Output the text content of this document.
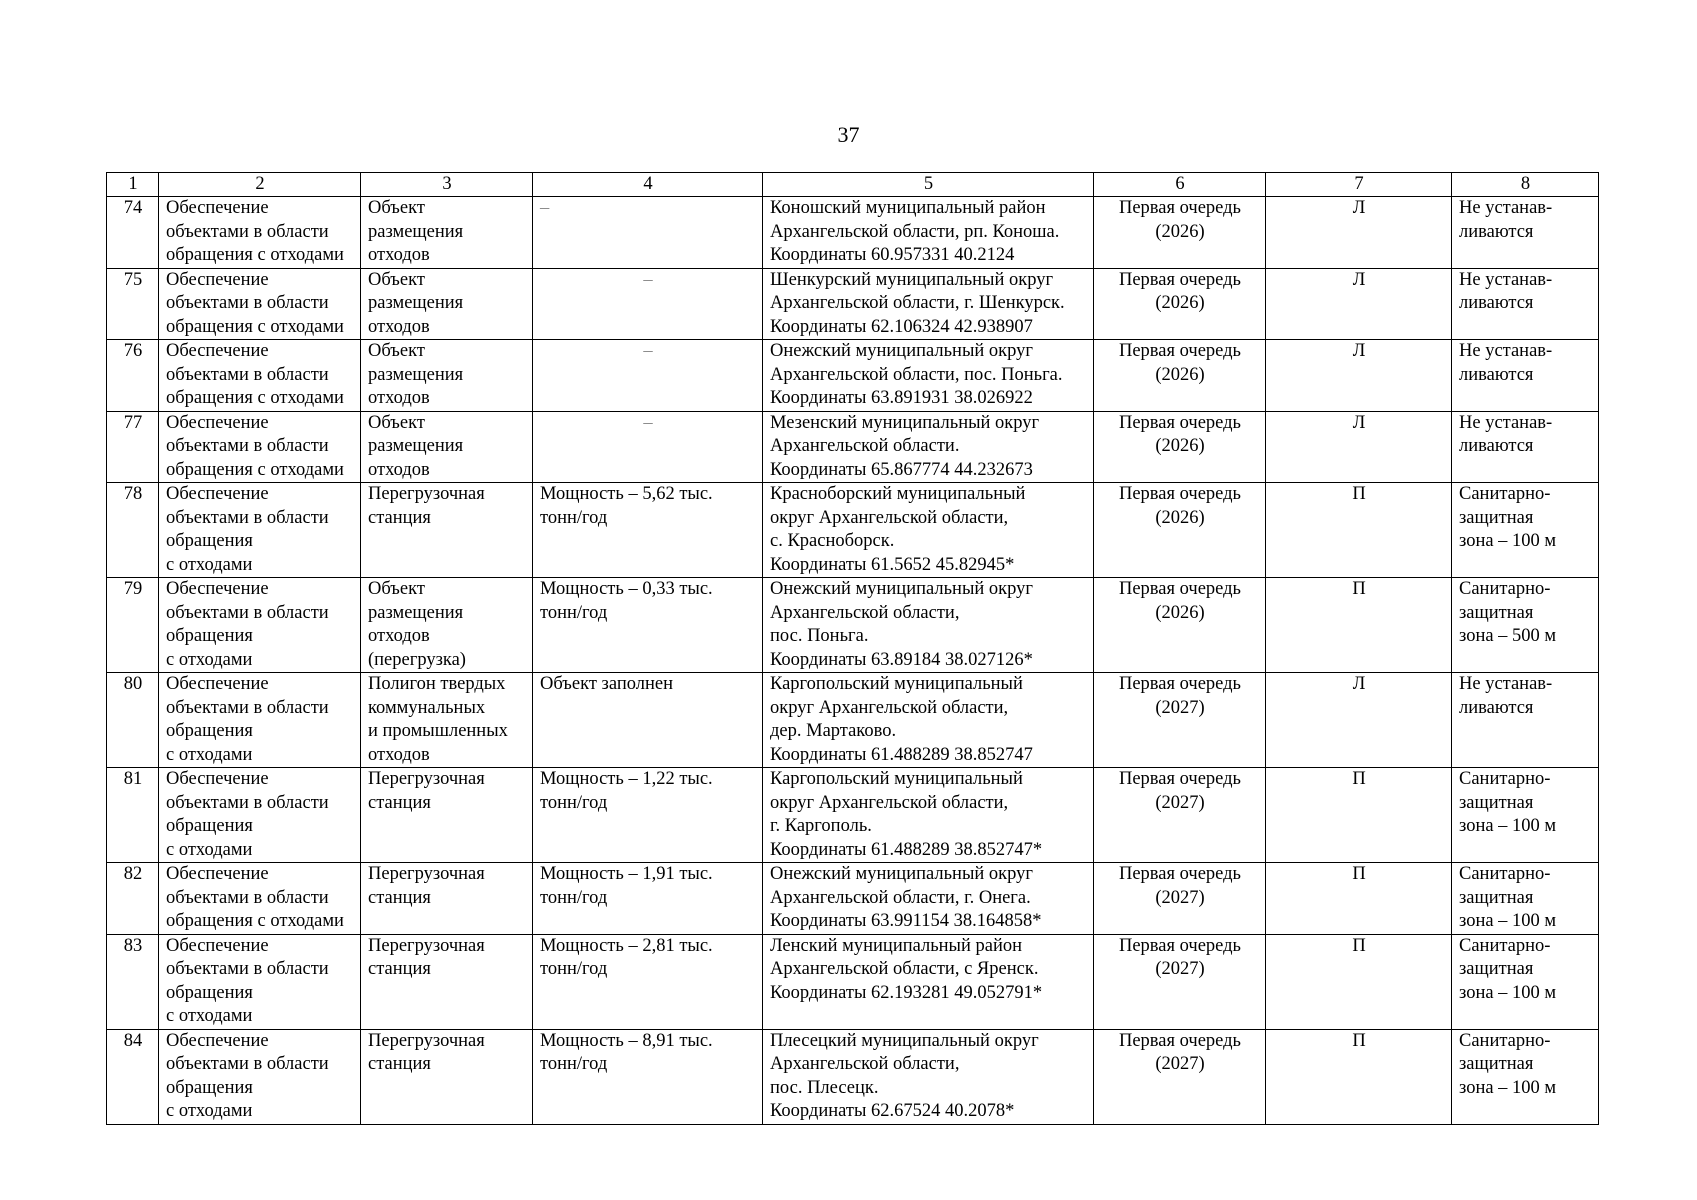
37
1	2	3	4	5	6	7	8
74	Обеспечение
объектами в области
обращения с отходами	Объект
размещения
отходов	–	Коношский муниципальный район
Архангельской области, рп. Коноша.
Координаты 60.957331 40.2124	Первая очередь
(2026)	Л	Не устанав-
ливаются
75	Обеспечение
объектами в области
обращения с отходами	Объект
размещения
отходов	–	Шенкурский муниципальный округ
Архангельской области, г. Шенкурск.
Координаты 62.106324 42.938907	Первая очередь
(2026)	Л	Не устанав-
ливаются
76	Обеспечение
объектами в области
обращения с отходами	Объект
размещения
отходов	–	Онежский муниципальный округ
Архангельской области, пос. Поньга.
Координаты 63.891931 38.026922	Первая очередь
(2026)	Л	Не устанав-
ливаются
77	Обеспечение
объектами в области
обращения с отходами	Объект
размещения
отходов	–	Мезенский муниципальный округ
Архангельской области.
Координаты 65.867774 44.232673	Первая очередь
(2026)	Л	Не устанав-
ливаются
78	Обеспечение
объектами в области
обращения
с отходами	Перегрузочная
станция	Мощность – 5,62 тыс.
тонн/год	Красноборский муниципальный
округ Архангельской области,
с. Красноборск.
Координаты 61.5652 45.82945*	Первая очередь
(2026)	П	Санитарно-
защитная
зона – 100 м
79	Обеспечение
объектами в области
обращения
с отходами	Объект
размещения
отходов
(перегрузка)	Мощность – 0,33 тыс.
тонн/год	Онежский муниципальный округ
Архангельской области,
пос. Поньга.
Координаты 63.89184 38.027126*	Первая очередь
(2026)	П	Санитарно-
защитная
зона – 500 м
80	Обеспечение
объектами в области
обращения
с отходами	Полигон твердых
коммунальных
и промышленных
отходов	Объект заполнен	Каргопольский муниципальный
округ Архангельской области,
дер. Мартаково.
Координаты 61.488289 38.852747	Первая очередь
(2027)	Л	Не устанав-
ливаются
81	Обеспечение
объектами в области
обращения
с отходами	Перегрузочная
станция	Мощность – 1,22 тыс.
тонн/год	Каргопольский муниципальный
округ Архангельской области,
г. Каргополь.
Координаты 61.488289 38.852747*	Первая очередь
(2027)	П	Санитарно-
защитная
зона – 100 м
82	Обеспечение
объектами в области
обращения с отходами	Перегрузочная
станция	Мощность – 1,91 тыс.
тонн/год	Онежский муниципальный округ
Архангельской области, г. Онега.
Координаты 63.991154 38.164858*	Первая очередь
(2027)	П	Санитарно-
защитная
зона – 100 м
83	Обеспечение
объектами в области
обращения
с отходами	Перегрузочная
станция	Мощность – 2,81 тыс.
тонн/год	Ленский муниципальный район
Архангельской области, с Яренск.
Координаты 62.193281 49.052791*	Первая очередь
(2027)	П	Санитарно-
защитная
зона – 100 м
84	Обеспечение
объектами в области
обращения
с отходами	Перегрузочная
станция	Мощность – 8,91 тыс.
тонн/год	Плесецкий муниципальный округ
Архангельской области,
пос. Плесецк.
Координаты 62.67524 40.2078*	Первая очередь
(2027)	П	Санитарно-
защитная
зона – 100 м
